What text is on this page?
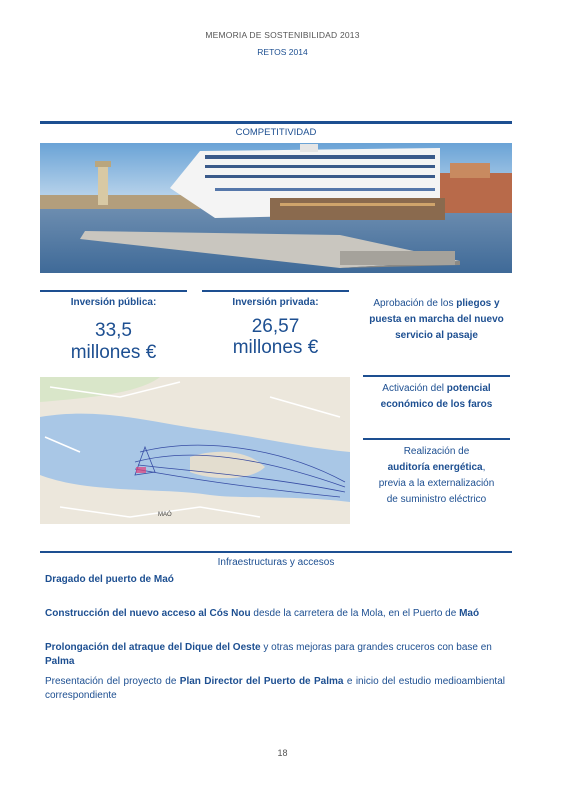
MEMORIA DE SOSTENIBILIDAD 2013
RETOS 2014
COMPETITIVIDAD
Inversión pública:
33,5
millones €
Inversión privada:
26,57
millones €
Aprobación de los pliegos y puesta en marcha del nuevo servicio al pasaje
Activación del potencial económico de los faros
Realización de
auditoría energética,
previa a la externalización
de suministro eléctrico
MAÓ
Infraestructuras y accesos
Dragado del puerto de Maó
Construcción del nuevo acceso al Cós Nou desde la carretera de la Mola, en el Puerto de Maó
Prolongación del atraque del Dique del Oeste y otras mejoras para grandes cruceros con base en Palma
Presentación del proyecto de Plan Director del Puerto de Palma e inicio del estudio medioambiental correspondiente
18
